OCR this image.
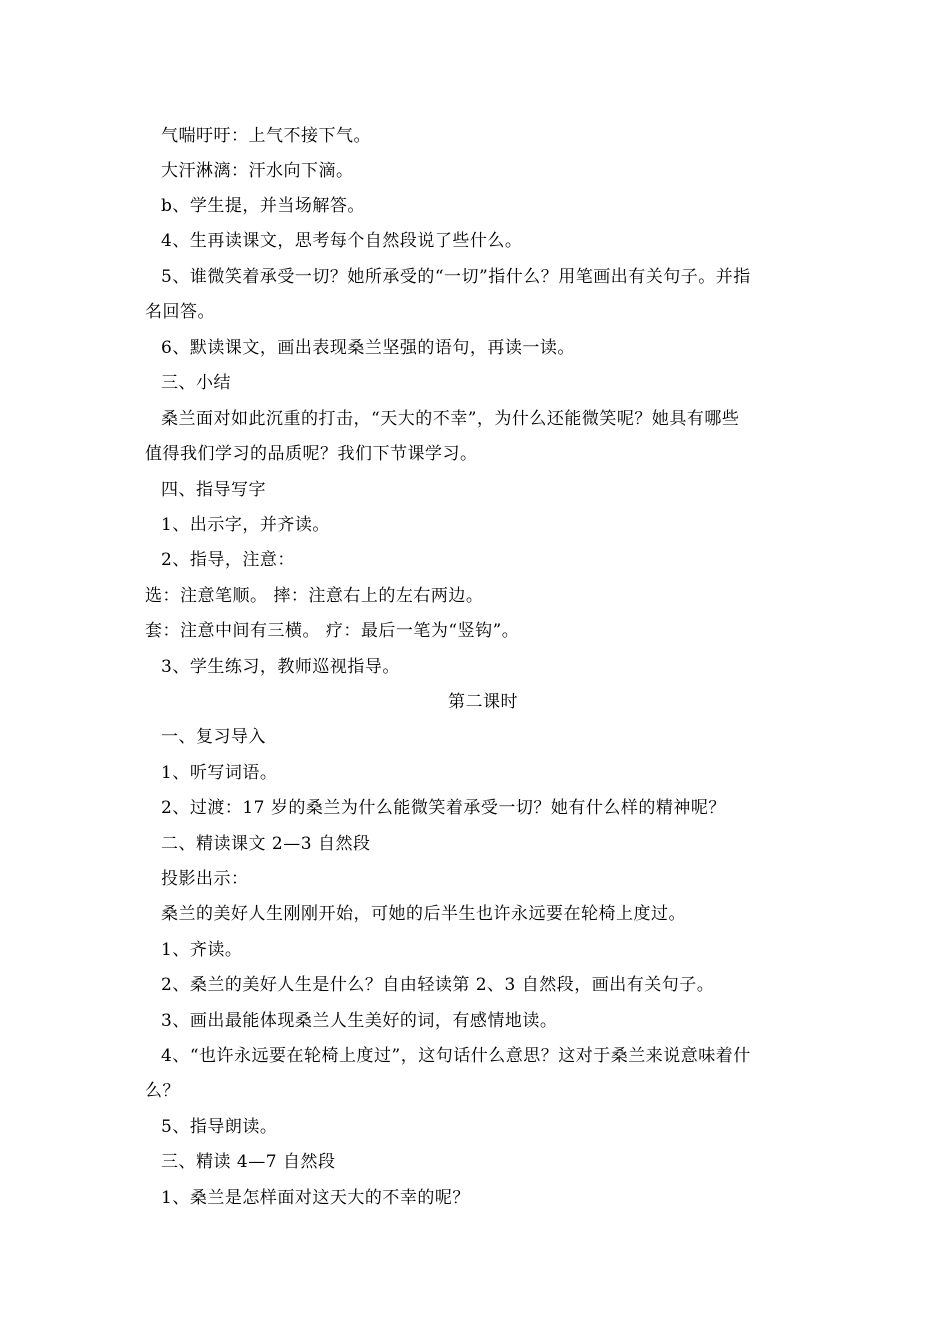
气喘吁吁：上气不接下气。
大汗淋漓：汗水向下滴。
b、学生提，并当场解答。
4、生再读课文，思考每个自然段说了些什么。
5、谁微笑着承受一切？她所承受的“一切”指什么？用笔画出有关句子。并指
名回答。
6、默读课文，画出表现桑兰坚强的语句，再读一读。
三、小结
桑兰面对如此沉重的打击，“天大的不幸”，为什么还能微笑呢？她具有哪些
值得我们学习的品质呢？我们下节课学习。
四、指导写字
1、出示字，并齐读。
2、指导，注意：
选：注意笔顺。 摔：注意右上的左右两边。
套：注意中间有三横。 疗：最后一笔为“竖钩”。
3、学生练习，教师巡视指导。
第二课时
一、复习导入
1、听写词语。
2、过渡：17 岁的桑兰为什么能微笑着承受一切？她有什么样的精神呢？
二、精读课文 2—3 自然段
投影出示：
桑兰的美好人生刚刚开始，可她的后半生也许永远要在轮椅上度过。
1、齐读。
2、桑兰的美好人生是什么？自由轻读第 2、3 自然段，画出有关句子。
3、画出最能体现桑兰人生美好的词，有感情地读。
4、“也许永远要在轮椅上度过”，这句话什么意思？这对于桑兰来说意味着什
么？
5、指导朗读。
三、精读 4—7 自然段
1、桑兰是怎样面对这天大的不幸的呢？
